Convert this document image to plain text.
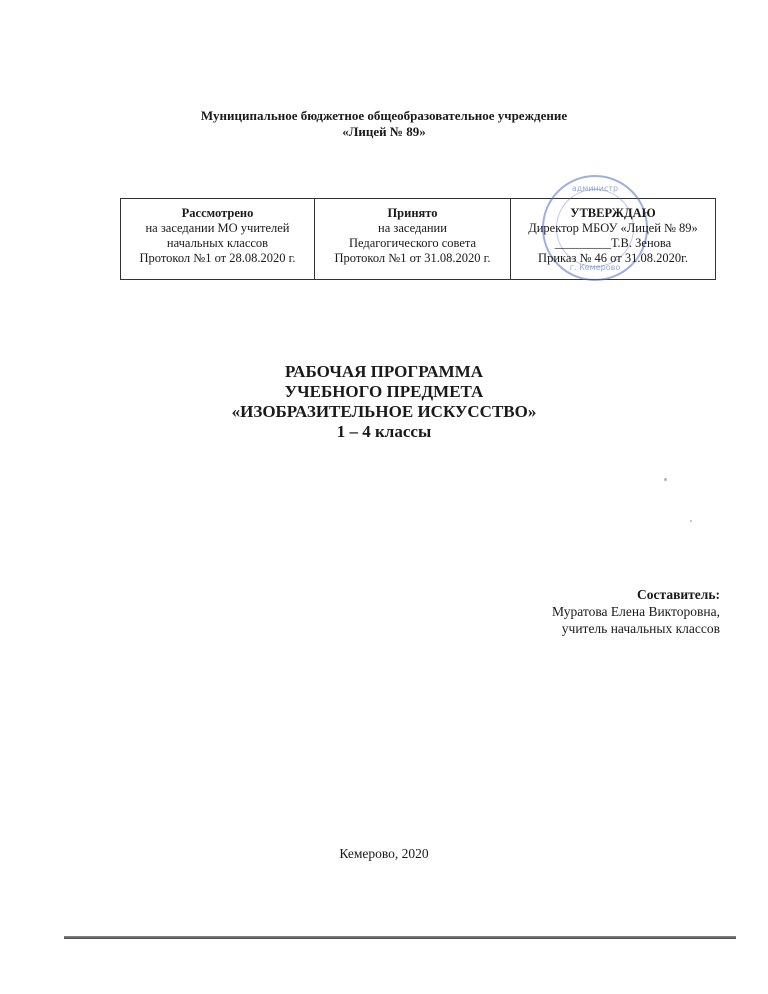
Муниципальное бюджетное общеобразовательное учреждение
«Лицей № 89»
Рассмотрено
на заседании МО учителей
начальных классов
Протокол №1 от 28.08.2020 г.
Принято
на заседании
Педагогического совета
Протокол №1 от 31.08.2020 г.
администр
г. Кемерово
УТВЕРЖДАЮ
Директор МБОУ «Лицей № 89»
_________Т.В. Зенова
Приказ № 46 от 31.08.2020г.
РАБОЧАЯ ПРОГРАММА
УЧЕБНОГО ПРЕДМЕТА
«ИЗОБРАЗИТЕЛЬНОЕ ИСКУССТВО»
1 – 4 классы
Составитель:
Муратова Елена Викторовна,
учитель начальных классов
Кемерово, 2020
